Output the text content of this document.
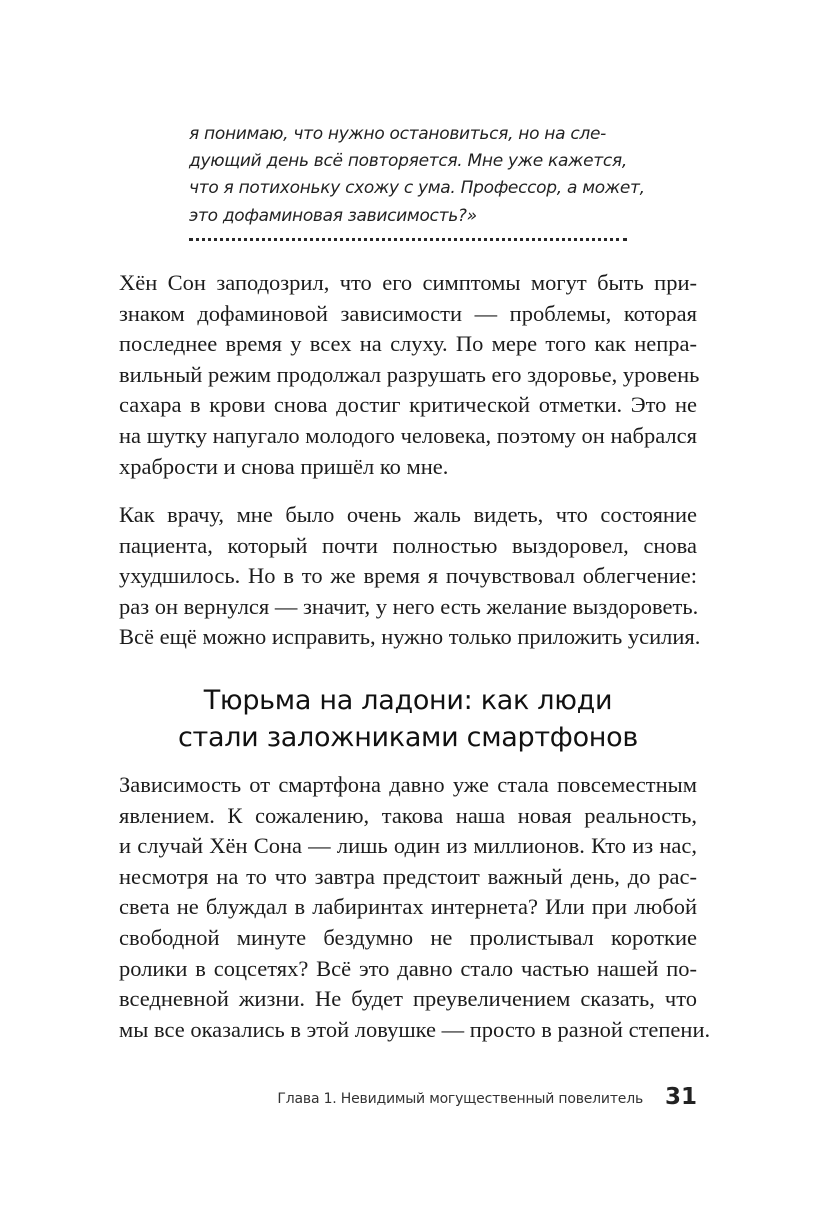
я понимаю, что нужно остановиться, но на сле-
дующий день всё повторяется. Мне уже кажется,
что я потихоньку схожу с ума. Профессор, а может,
это дофаминовая зависимость?»
Хён Сон заподозрил, что его симптомы могут быть при-
знаком дофаминовой зависимости — проблемы, которая
последнее время у всех на слуху. По мере того как непра-
вильный режим продолжал разрушать его здоровье, уровень
сахара в крови снова достиг критической отметки. Это не
на шутку напугало молодого человека, поэтому он набрался
храбрости и снова пришёл ко мне.
Как врачу, мне было очень жаль видеть, что состояние
пациента, который почти полностью выздоровел, снова
ухудшилось. Но в то же время я почувствовал облегчение:
раз он вернулся — значит, у него есть желание выздороветь.
Всё ещё можно исправить, нужно только приложить усилия.
Тюрьма на ладони: как люди
стали заложниками смартфонов
Зависимость от смартфона давно уже стала повсеместным
явлением. К сожалению, такова наша новая реальность,
и случай Хён Сона — лишь один из миллионов. Кто из нас,
несмотря на то что завтра предстоит важный день, до рас-
света не блуждал в лабиринтах интернета? Или при любой
свободной минуте бездумно не пролистывал короткие
ролики в соцсетях? Всё это давно стало частью нашей по-
вседневной жизни. Не будет преувеличением сказать, что
мы все оказались в этой ловушке — просто в разной степени.
Глава 1. Невидимый могущественный повелитель 31
